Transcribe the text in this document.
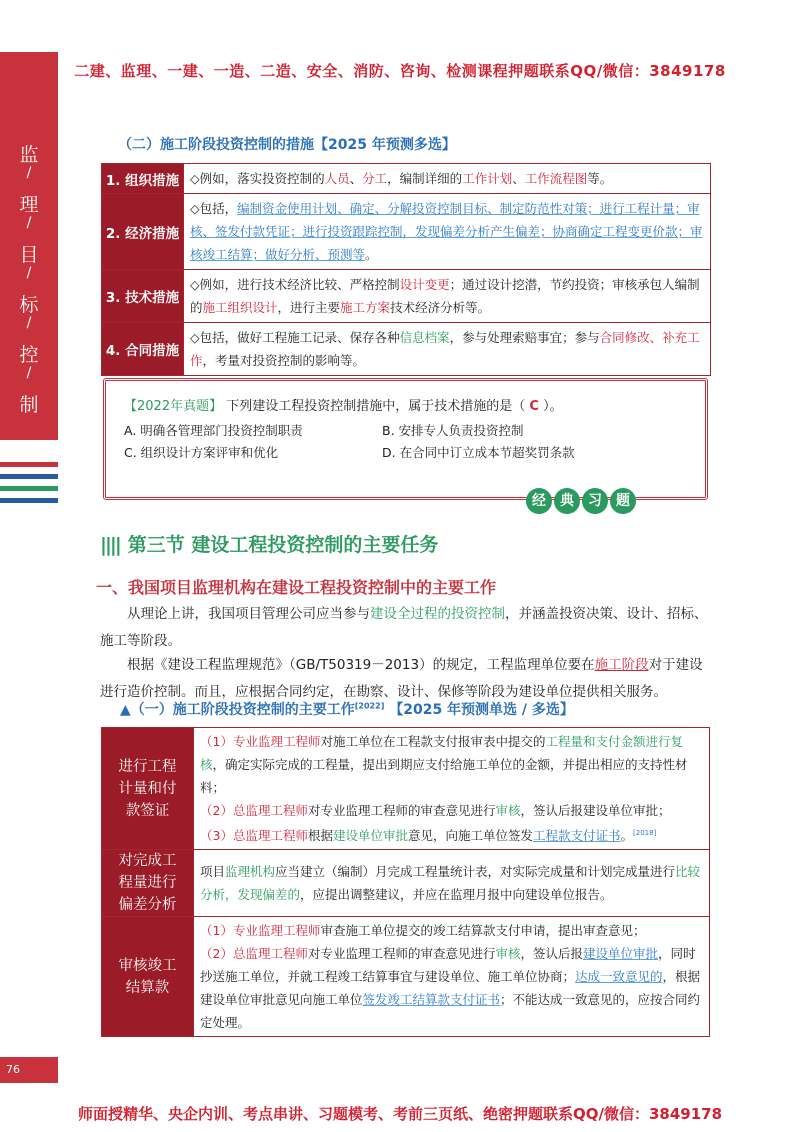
二建、监理、一建、一造、二造、安全、消防、咨询、检测课程押题联系QQ/微信：3849178
监
/
理
/
目
/
标
/
控
/
制
（二）施工阶段投资控制的措施【2025 年预测多选】
1. 组织措施	◇例如，落实投资控制的人员、分工，编制详细的工作计划、工作流程图等。
2. 经济措施	◇包括，编制资金使用计划、确定、分解投资控制目标、制定防范性对策；进行工程计量；审核、签发付款凭证；进行投资跟踪控制，发现偏差分析产生偏差；协商确定工程变更价款；审核竣工结算；做好分析、预测等。
3. 技术措施	◇例如，进行技术经济比较、严格控制设计变更；通过设计挖潜，节约投资；审核承包人编制的施工组织设计，进行主要施工方案技术经济分析等。
4. 合同措施	◇包括，做好工程施工记录、保存各种信息档案，参与处理索赔事宜；参与合同修改、补充工作，考量对投资控制的影响等。
【2022年真题】 下列建设工程投资控制措施中，属于技术措施的是（ C ）。
A. 明确各管理部门投资控制职责	B. 安排专人负责投资控制
C. 组织设计方案评审和优化	D. 在合同中订立成本节超奖罚条款
经	典	习	题
|||| 第三节 建设工程投资控制的主要任务
一、我国项目监理机构在建设工程投资控制中的主要工作
从理论上讲，我国项目管理公司应当参与建设全过程的投资控制，并涵盖投资决策、设计、招标、施工等阶段。
根据《建设工程监理规范》（GB/T50319－2013）的规定，工程监理单位要在施工阶段对于建设进行造价控制。而且，应根据合同约定，在勘察、设计、保修等阶段为建设单位提供相关服务。
▲（一）施工阶段投资控制的主要工作[2022] 【2025 年预测单选 / 多选】
进行工程计量和付款签证	（1）专业监理工程师对施工单位在工程款支付报审表中提交的工程量和支付金额进行复核，确定实际完成的工程量，提出到期应支付给施工单位的金额，并提出相应的支持性材料；
（2）总监理工程师对专业监理工程师的审查意见进行审核，签认后报建设单位审批；
（3）总监理工程师根据建设单位审批意见，向施工单位签发工程款支付证书。[2018]

对完成工程量进行偏差分析	项目监理机构应当建立（编制）月完成工程量统计表，对实际完成量和计划完成量进行比较分析，发现偏差的，应提出调整建议，并应在监理月报中向建设单位报告。

审核竣工结算款	（1）专业监理工程师审查施工单位提交的竣工结算款支付申请，提出审查意见；
（2）总监理工程师对专业监理工程师的审查意见进行审核，签认后报建设单位审批，同时抄送施工单位，并就工程竣工结算事宜与建设单位、施工单位协商；达成一致意见的，根据建设单位审批意见向施工单位签发竣工结算款支付证书；不能达成一致意见的，应按合同约定处理。
76
师面授精华、央企内训、考点串讲、习题模考、考前三页纸、绝密押题联系QQ/微信：3849178
